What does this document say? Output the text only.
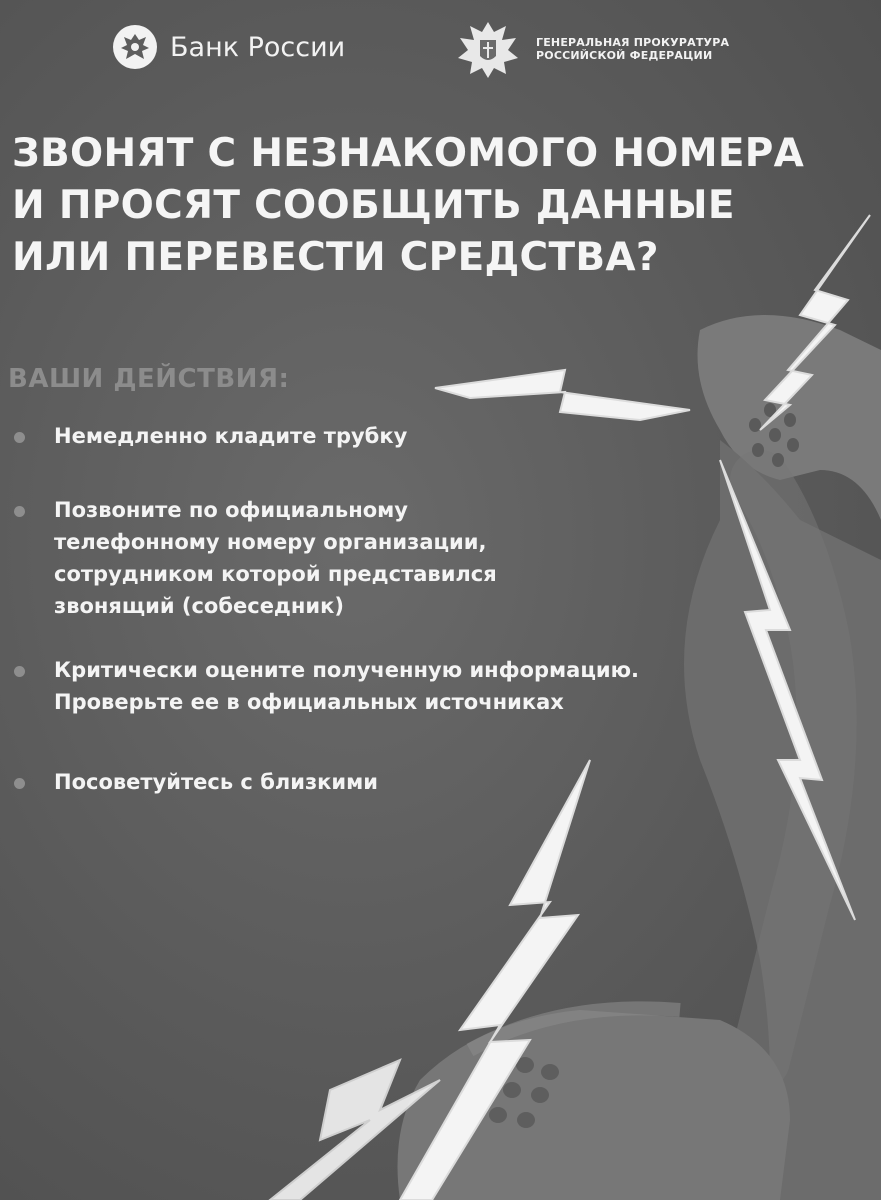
Банк России	ГЕНЕРАЛЬНАЯ ПРОКУРАТУРА
РОССИЙСКОЙ ФЕДЕРАЦИИ
ЗВОНЯТ С НЕЗНАКОМОГО НОМЕРА
И ПРОСЯТ СООБЩИТЬ ДАННЫЕ
ИЛИ ПЕРЕВЕСТИ СРЕДСТВА?
ВАШИ ДЕЙСТВИЯ:
Немедленно кладите трубку
Позвоните по официальному
телефонному номеру организации,
сотрудником которой представился
звонящий (собеседник)
Критически оцените полученную информацию.
Проверьте ее в официальных источниках
Посоветуйтесь с близкими
